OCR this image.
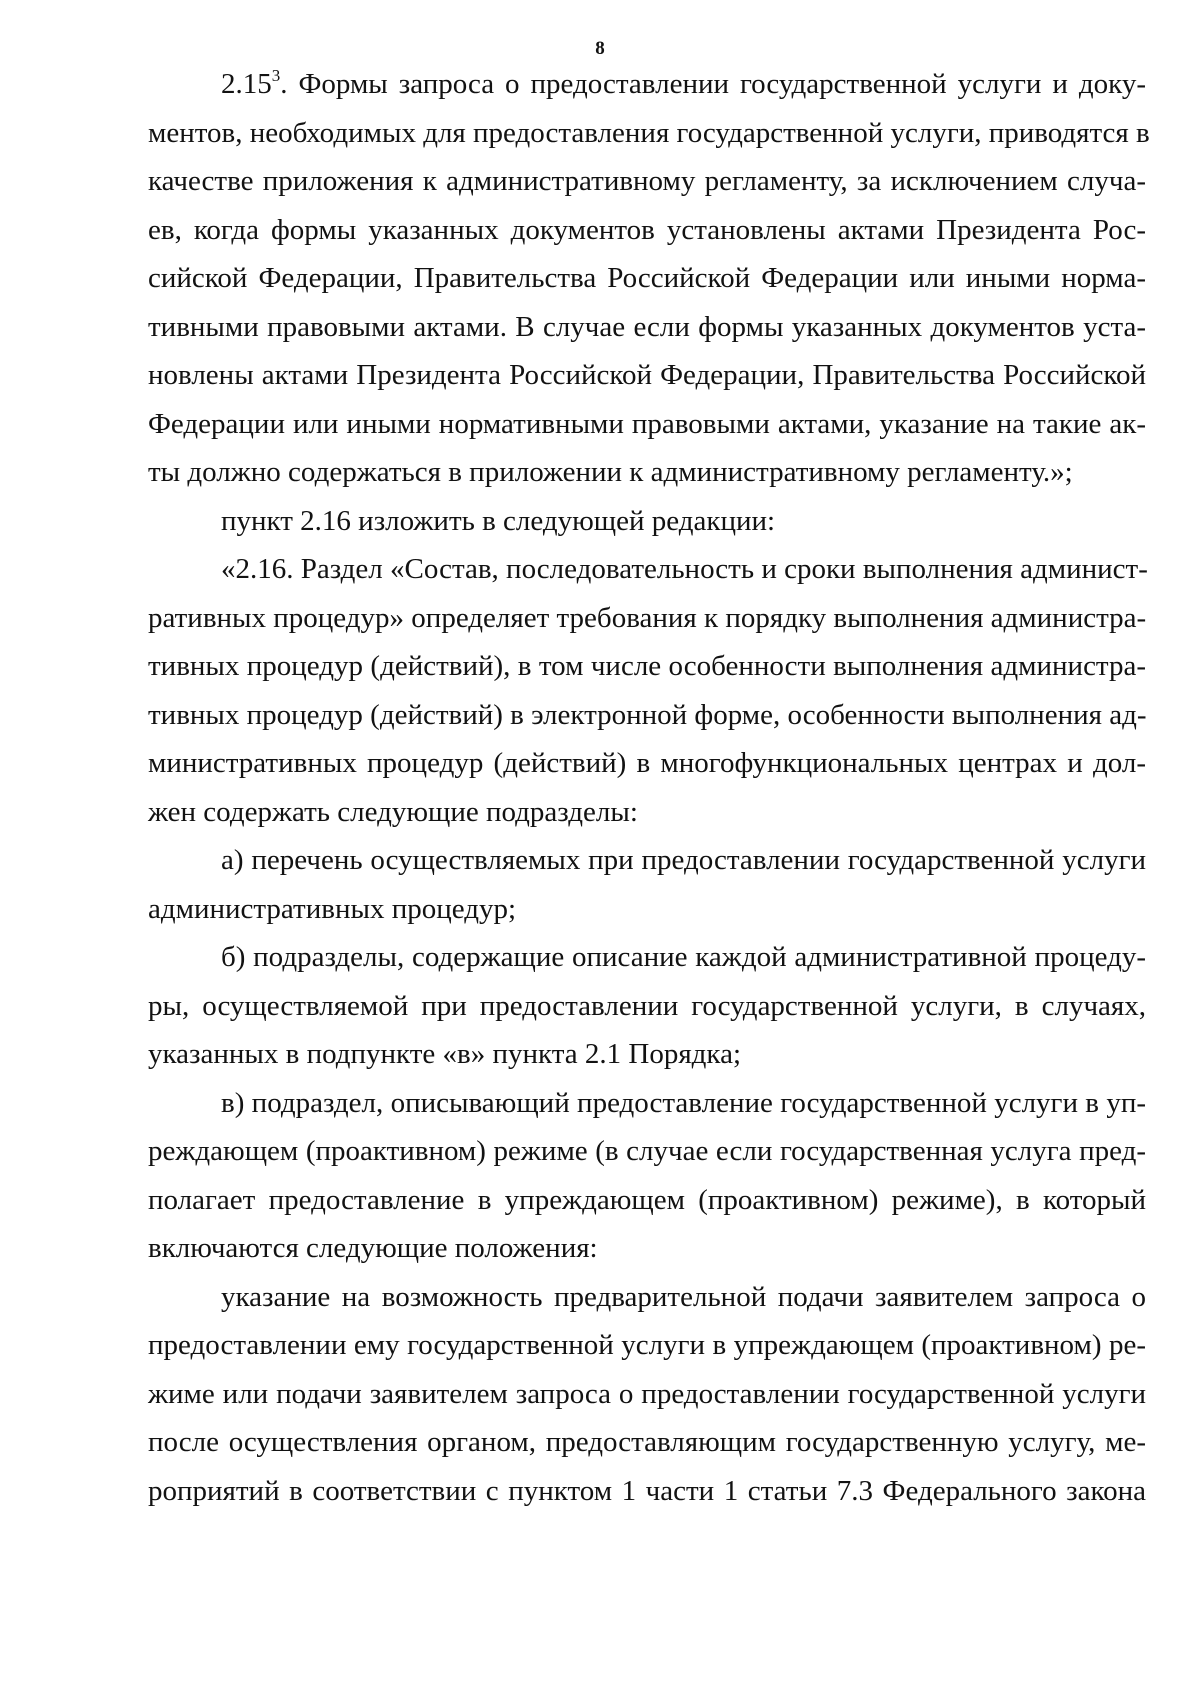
8
2.15$^3$. Формы запроса о предоставлении государственной услуги и доку-
ментов, необходимых для предоставления государственной услуги, приводятся в
качестве приложения к административному регламенту, за исключением случа-
ев, когда формы указанных документов установлены актами Президента Рос-
сийской Федерации, Правительства Российской Федерации или иными норма-
тивными правовыми актами. В случае если формы указанных документов уста-
новлены актами Президента Российской Федерации, Правительства Российской
Федерации или иными нормативными правовыми актами, указание на такие ак-
ты должно содержаться в приложении к административному регламенту.»;
пункт 2.16 изложить в следующей редакции:
«2.16. Раздел «Состав, последовательность и сроки выполнения админист-
ративных процедур» определяет требования к порядку выполнения администра-
тивных процедур (действий), в том числе особенности выполнения администра-
тивных процедур (действий) в электронной форме, особенности выполнения ад-
министративных процедур (действий) в многофункциональных центрах и дол-
жен содержать следующие подразделы:
а) перечень осуществляемых при предоставлении государственной услуги
административных процедур;
б) подразделы, содержащие описание каждой административной процеду-
ры, осуществляемой при предоставлении государственной услуги, в случаях,
указанных в подпункте «в» пункта 2.1 Порядка;
в) подраздел, описывающий предоставление государственной услуги в уп-
реждающем (проактивном) режиме (в случае если государственная услуга пред-
полагает предоставление в упреждающем (проактивном) режиме), в который
включаются следующие положения:
указание на возможность предварительной подачи заявителем запроса о
предоставлении ему государственной услуги в упреждающем (проактивном) ре-
жиме или подачи заявителем запроса о предоставлении государственной услуги
после осуществления органом, предоставляющим государственную услугу, ме-
роприятий в соответствии с пунктом 1 части 1 статьи 7.3 Федерального закона
